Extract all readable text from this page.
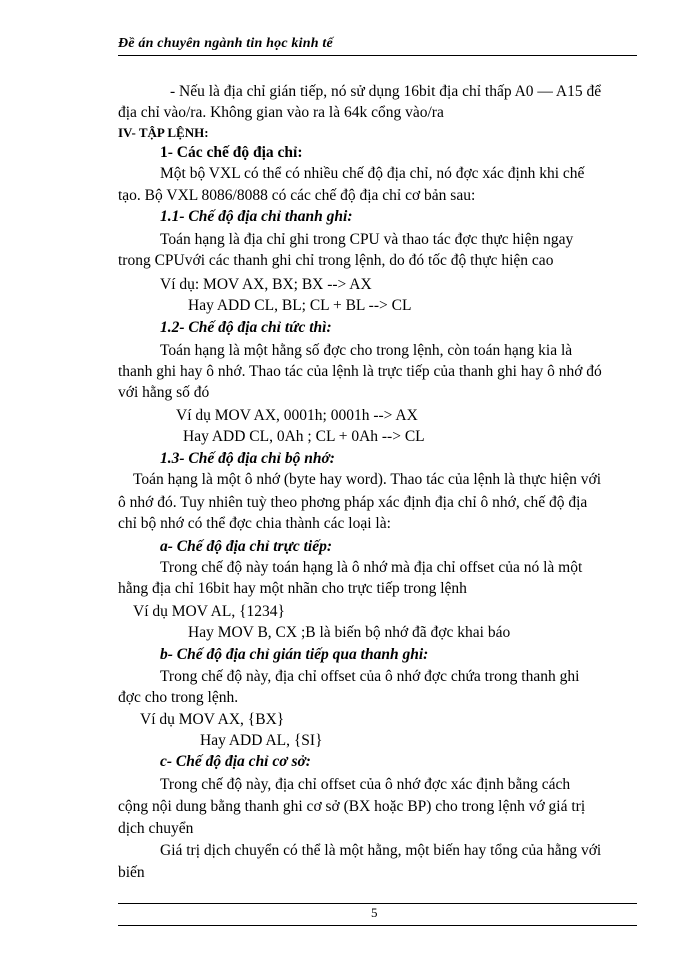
Đề án chuyên ngành tin học kinh tế
- Nếu là địa chỉ gián tiếp, nó sử dụng 16bit địa chỉ thấp A0 — A15 để
địa chỉ vào/ra. Không gian vào ra là 64k cổng vào/ra
IV- TẬP LỆNH:
1- Các chế độ địa chỉ:
Một bộ VXL có thể có nhiều chế độ địa chỉ, nó đợc xác định khi chế
tạo. Bộ VXL 8086/8088 có các chế độ địa chỉ cơ bản sau:
1.1- Chế độ địa chỉ thanh ghi:
Toán hạng là địa chỉ ghi trong CPU và thao tác đợc thực hiện ngay
trong CPUvới các thanh ghi chỉ trong lệnh, do đó tốc độ thực hiện cao
Ví dụ: MOV AX, BX; BX --> AX
Hay ADD CL, BL; CL + BL --> CL
1.2- Chế độ địa chỉ tức thì:
Toán hạng là một hằng số đợc cho trong lệnh, còn toán hạng kia là
thanh ghi hay ô nhớ. Thao tác của lệnh là trực tiếp của thanh ghi hay ô nhớ đó
với hằng số đó
Ví dụ MOV AX, 0001h; 0001h --> AX
Hay ADD CL, 0Ah ; CL + 0Ah --> CL
1.3- Chế độ địa chỉ bộ nhớ:
Toán hạng là một ô nhớ (byte hay word). Thao tác của lệnh là thực hiện với
ô nhớ đó. Tuy nhiên tuỳ theo phơng pháp xác định địa chỉ ô nhớ, chế độ địa
chỉ bộ nhớ có thể đợc chia thành các loại là:
a- Chế độ địa chỉ trực tiếp:
Trong chế độ này toán hạng là ô nhớ mà địa chỉ offset của nó là một
hằng địa chỉ 16bit hay một nhãn cho trực tiếp trong lệnh
Ví dụ MOV AL, {1234}
Hay MOV B, CX ;B là biến bộ nhớ đã đợc khai báo
b- Chế độ địa chỉ gián tiếp qua thanh ghi:
Trong chế độ này, địa chỉ offset của ô nhớ đợc chứa trong thanh ghi
đợc cho trong lệnh.
Ví dụ MOV AX, {BX}
Hay ADD AL, {SI}
c- Chế độ địa chỉ cơ sở:
Trong chế độ này, địa chỉ offset của ô nhớ đợc xác định bằng cách
cộng nội dung bằng thanh ghi cơ sở (BX hoặc BP) cho trong lệnh vớ giá trị
dịch chuyển
Giá trị dịch chuyển có thể là một hằng, một biến hay tổng của hằng với
biến
5
